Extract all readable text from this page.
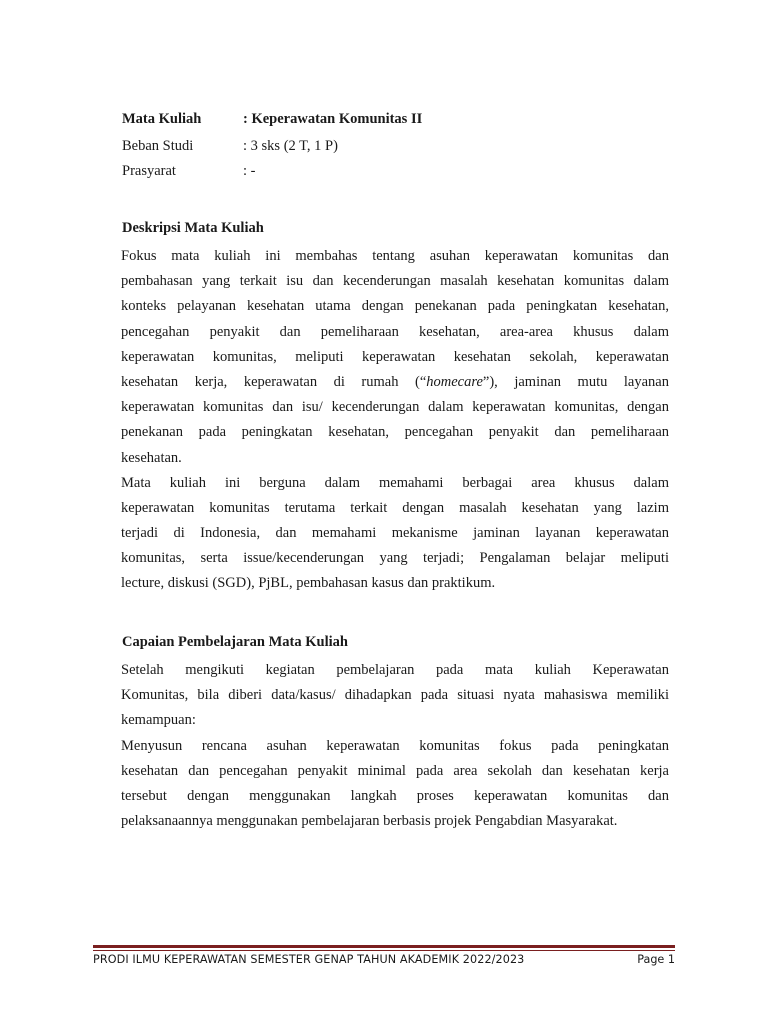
Mata Kuliah	: Keperawatan Komunitas II
Beban Studi	: 3 sks (2 T, 1 P)
Prasyarat	: -
Deskripsi Mata Kuliah
Fokus mata kuliah ini membahas tentang asuhan keperawatan komunitas dan
pembahasan yang terkait isu dan kecenderungan masalah kesehatan komunitas dalam
konteks pelayanan kesehatan utama dengan penekanan pada peningkatan kesehatan,
pencegahan penyakit dan pemeliharaan kesehatan, area-area khusus dalam
keperawatan komunitas, meliputi keperawatan kesehatan sekolah, keperawatan
kesehatan kerja, keperawatan di rumah (“homecare”), jaminan mutu layanan
keperawatan komunitas dan isu/ kecenderungan dalam keperawatan komunitas, dengan
penekanan pada peningkatan kesehatan, pencegahan penyakit dan pemeliharaan
kesehatan.
Mata kuliah ini berguna dalam memahami berbagai area khusus dalam
keperawatan komunitas terutama terkait dengan masalah kesehatan yang lazim
terjadi di Indonesia, dan memahami mekanisme jaminan layanan keperawatan
komunitas, serta issue/kecenderungan yang terjadi; Pengalaman belajar meliputi
lecture, diskusi (SGD), PjBL, pembahasan kasus dan praktikum.
Capaian Pembelajaran Mata Kuliah
Setelah mengikuti kegiatan pembelajaran pada mata kuliah Keperawatan
Komunitas, bila diberi data/kasus/ dihadapkan pada situasi nyata mahasiswa memiliki
kemampuan:
Menyusun rencana asuhan keperawatan komunitas fokus pada peningkatan
kesehatan dan pencegahan penyakit minimal pada area sekolah dan kesehatan kerja
tersebut dengan menggunakan langkah proses keperawatan komunitas dan
pelaksanaannya menggunakan pembelajaran berbasis projek Pengabdian Masyarakat.
PRODI ILMU KEPERAWATAN SEMESTER GENAP TAHUN AKADEMIK 2022/2023	Page 1
